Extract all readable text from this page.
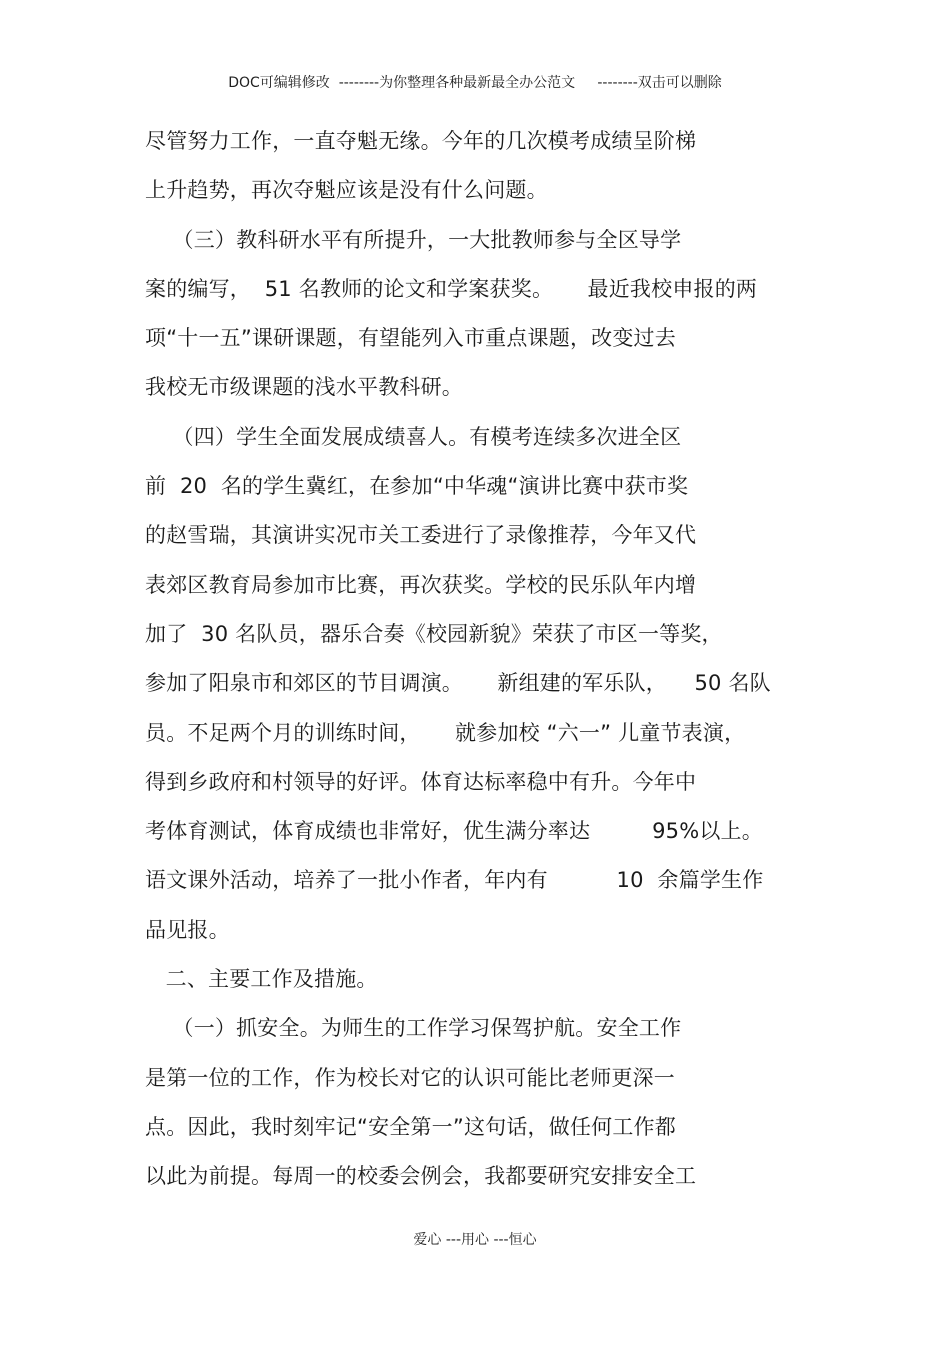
DOC可编辑修改  --------为你整理各种最新最全办公范文     --------双击可以删除
尽管努力工作，一直夺魁无缘。今年的几次模考成绩呈阶梯
上升趋势，再次夺魁应该是没有什么问题。
（三）教科研水平有所提升，一大批教师参与全区导学
案的编写，  51 名教师的论文和学案获奖。     最近我校申报的两
项“十一五”课研课题，有望能列入市重点课题，改变过去
我校无市级课题的浅水平教科研。
（四）学生全面发展成绩喜人。有模考连续多次进全区
前  20  名的学生冀红，在参加“中华魂“演讲比赛中获市奖
的赵雪瑞，其演讲实况市关工委进行了录像推荐，今年又代
表郊区教育局参加市比赛，再次获奖。学校的民乐队年内增
加了  30 名队员，器乐合奏《校园新貌》荣获了市区一等奖，
参加了阳泉市和郊区的节目调演。     新组建的军乐队，    50 名队
员。不足两个月的训练时间，     就参加校 “六一” 儿童节表演，
得到乡政府和村领导的好评。体育达标率稳中有升。今年中
考体育测试，体育成绩也非常好，优生满分率达         95%以上。
语文课外活动，培养了一批小作者，年内有          10  余篇学生作
品见报。
二、主要工作及措施。
（一）抓安全。为师生的工作学习保驾护航。安全工作
是第一位的工作，作为校长对它的认识可能比老师更深一
点。因此，我时刻牢记“安全第一”这句话，做任何工作都
以此为前提。每周一的校委会例会，我都要研究安排安全工
爱心 ---用心 ---恒心
